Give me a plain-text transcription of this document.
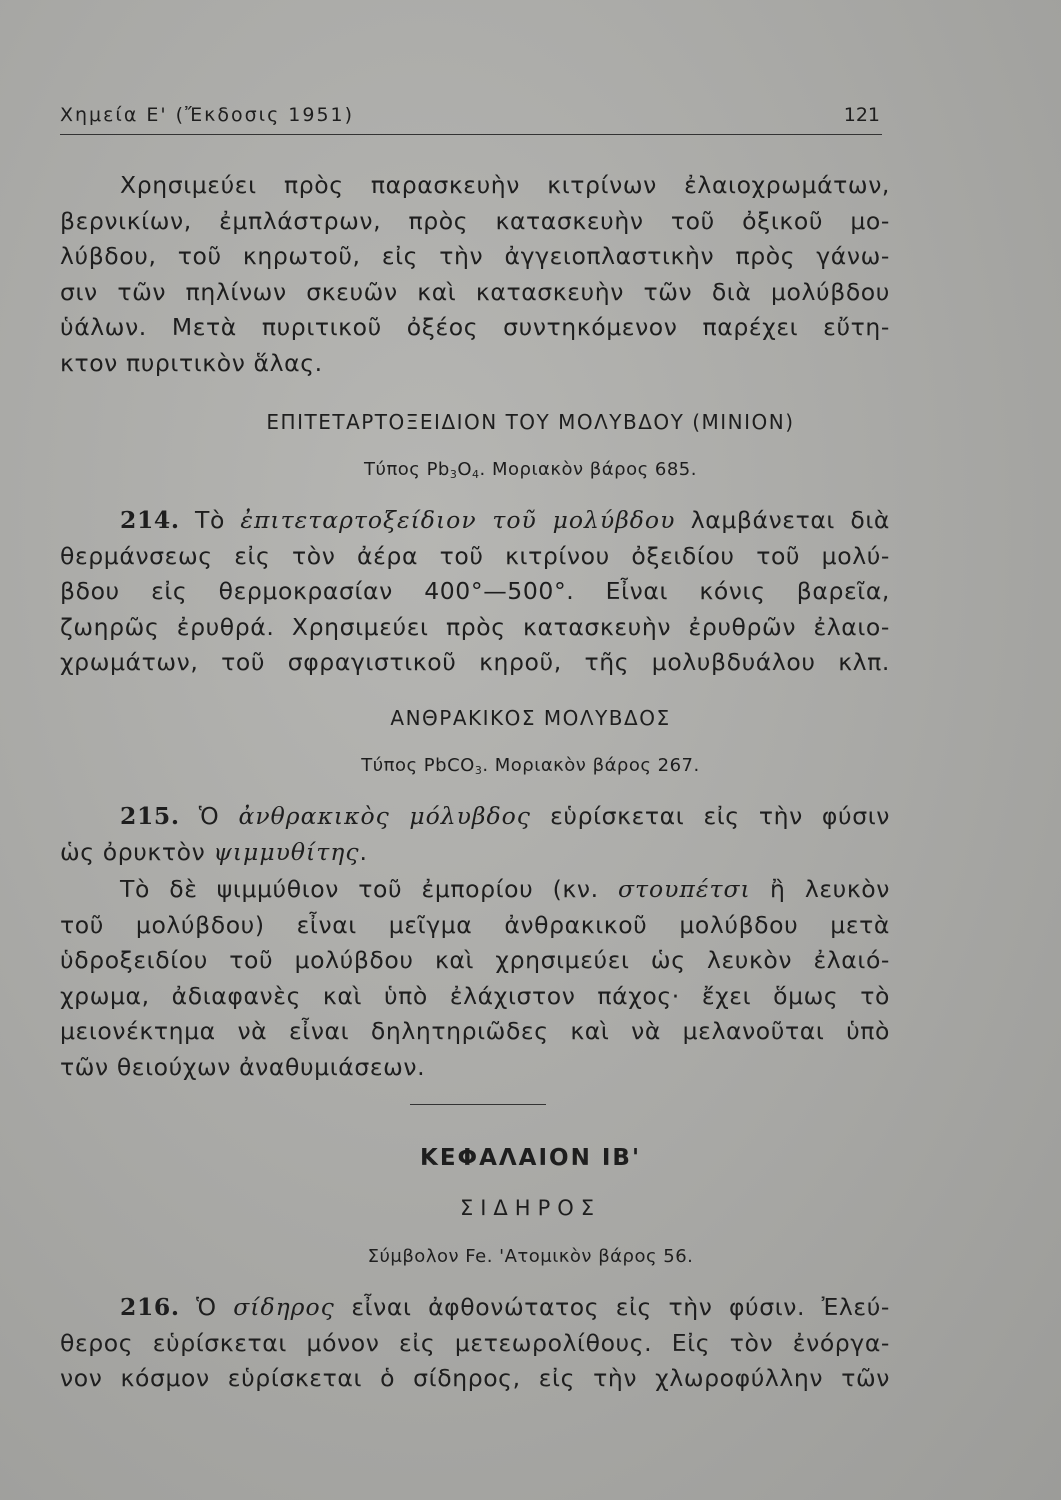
Χημεία Ε' (Ἔκδοσις 1951)	121
Χρησιμεύει πρὸς παρασκευὴν κιτρίνων ἐλαιοχρωμάτων,
βερνικίων, ἐμπλάστρων, πρὸς κατασκευὴν τοῦ ὀξικοῦ μο-
λύβδου, τοῦ κηρωτοῦ, εἰς τὴν ἀγγειοπλαστικὴν πρὸς γάνω-
σιν τῶν πηλίνων σκευῶν καὶ κατασκευὴν τῶν διὰ μολύβδου
ὑάλων. Μετὰ πυριτικοῦ ὀξέος συντηκόμενον παρέχει εὔτη-
κτον πυριτικὸν ἅλας.
ΕΠΙΤΕΤΑΡΤΟΞΕΙΔΙΟΝ ΤΟΥ ΜΟΛΥΒΔΟΥ (ΜΙΝΙΟΝ)
Τύπος $Pb_3O_4$. Μοριακὸν βάρος 685.
214. Τὸ ἐπιτεταρτοξείδιον τοῦ μολύβδου λαμβάνεται διὰ
θερμάνσεως εἰς τὸν ἀέρα τοῦ κιτρίνου ὀξειδίου τοῦ μολύ-
βδου εἰς θερμοκρασίαν 400°—500°. Εἶναι κόνις βαρεῖα,
ζωηρῶς ἐρυθρά. Χρησιμεύει πρὸς κατασκευὴν ἐρυθρῶν ἐλαιο-
χρωμάτων, τοῦ σφραγιστικοῦ κηροῦ, τῆς μολυβδυάλου κλπ.
ΑΝΘΡΑΚΙΚΟΣ ΜΟΛΥΒΔΟΣ
Τύπος PbCO$_3$. Μοριακὸν βάρος 267.
215. Ὁ ἀνθρακικὸς μόλυβδος εὑρίσκεται εἰς τὴν φύσιν
ὡς ὀρυκτὸν ψιμμυθίτης.
Τὸ δὲ ψιμμύθιον τοῦ ἐμπορίου (κν. στουπέτσι ἢ λευκὸν
τοῦ μολύβδου) εἶναι μεῖγμα ἀνθρακικοῦ μολύβδου μετὰ
ὑδροξειδίου τοῦ μολύβδου καὶ χρησιμεύει ὡς λευκὸν ἐλαιό-
χρωμα, ἀδιαφανὲς καὶ ὑπὸ ἐλάχιστον πάχος· ἔχει ὅμως τὸ
μειονέκτημα νὰ εἶναι δηλητηριῶδες καὶ νὰ μελανοῦται ὑπὸ
τῶν θειούχων ἀναθυμιάσεων.
ΚΕΦΑΛΑΙΟΝ ΙΒ'
ΣΙΔΗΡΟΣ
Σύμβολον Fe. 'Ατομικὸν βάρος 56.
216. Ὁ σίδηρος εἶναι ἀφθονώτατος εἰς τὴν φύσιν. Ἐλεύ-
θερος εὑρίσκεται μόνον εἰς μετεωρολίθους. Εἰς τὸν ἐνόργα-
νον κόσμον εὑρίσκεται ὁ σίδηρος, εἰς τὴν χλωροφύλλην τῶν
